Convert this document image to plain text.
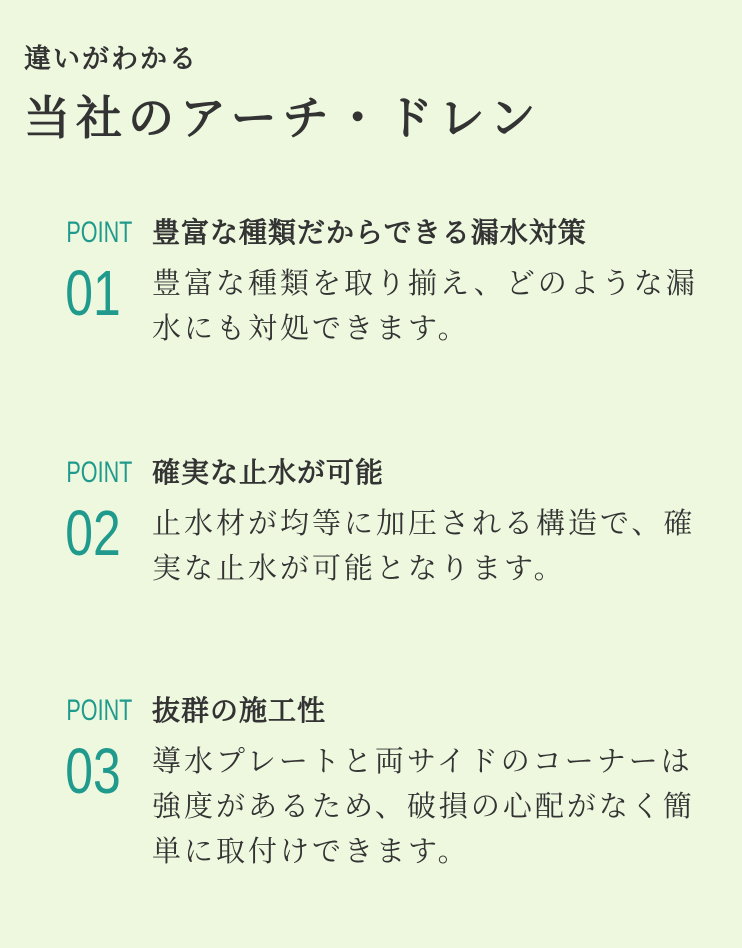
違いがわかる
当社のアーチ・ドレン
POINT
01
豊富な種類だからできる漏水対策
豊富な種類を取り揃え、どのような漏水にも対処できます。
POINT
02
確実な止水が可能
止水材が均等に加圧される構造で、確実な止水が可能となります。
POINT
03
抜群の施工性
導水プレートと両サイドのコーナーは強度があるため、破損の心配がなく簡単に取付けできます。
